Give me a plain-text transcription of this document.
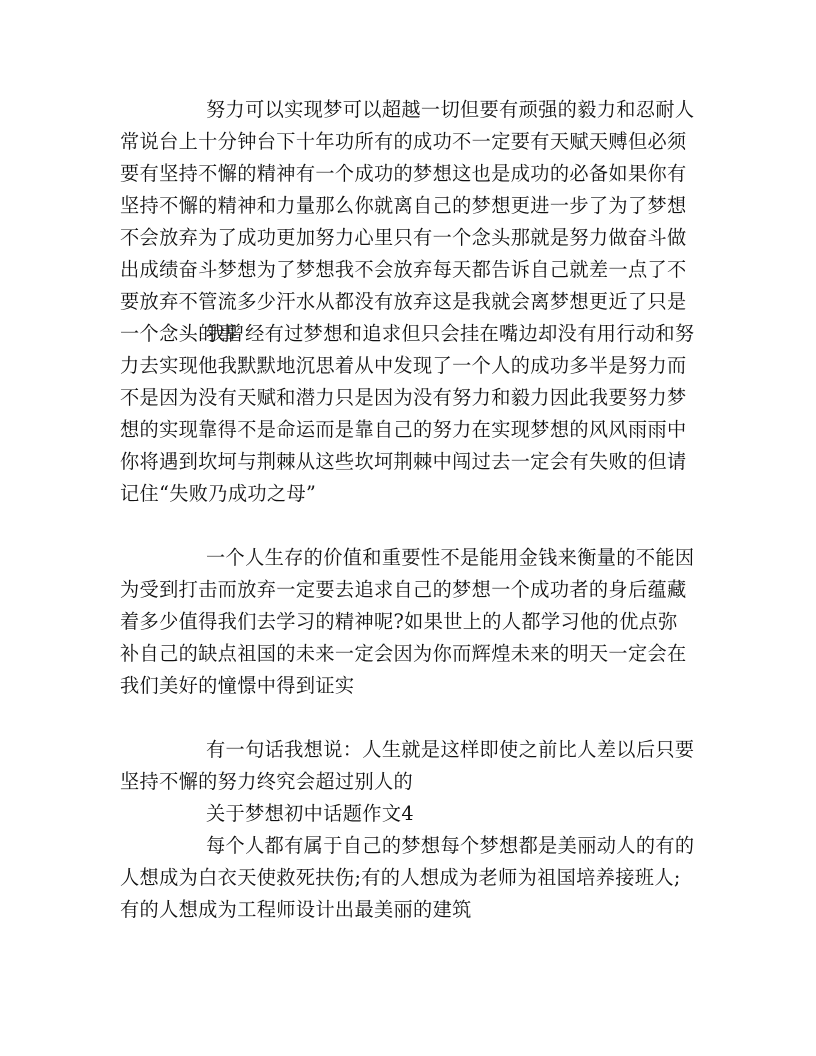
努力可以实现梦可以超越一切但要有顽强的毅力和忍耐人常说台上十分钟台下十年功所有的成功不一定要有天赋天赙但必须要有坚持不懈的精神有一个成功的梦想这也是成功的必备如果你有坚持不懈的精神和力量那么你就离自己的梦想更进一步了为了梦想不会放弃为了成功更加努力心里只有一个念头那就是努力做奋斗做出成绩奋斗梦想为了梦想我不会放弃每天都告诉自己就差一点了不要放弃不管流多少汗水从都没有放弃这是我就会离梦想更近了只是一个念头的事

我曾经有过梦想和追求但只会挂在嘴边却没有用行动和努力去实现他我默默地沉思着从中发现了一个人的成功多半是努力而不是因为没有天赋和潜力只是因为没有努力和毅力因此我要努力梦想的实现靠得不是命运而是靠自己的努力在实现梦想的风风雨雨中你将遇到坎坷与荆棘从这些坎坷荆棘中闯过去一定会有失败的但请记住“失败乃成功之母”

一个人生存的价值和重要性不是能用金钱来衡量的不能因为受到打击而放弃一定要去追求自己的梦想一个成功者的身后蕴藏着多少值得我们去学习的精神呢?如果世上的人都学习他的优点弥补自己的缺点祖国的未来一定会因为你而辉煌未来的明天一定会在我们美好的憧憬中得到证实

有一句话我想说：人生就是这样即使之前比人差以后只要坚持不懈的努力终究会超过别人的

关于梦想初中话题作文4

每个人都有属于自己的梦想每个梦想都是美丽动人的有的人想成为白衣天使救死扶伤;有的人想成为老师为祖国培养接班人;有的人想成为工程师设计出最美丽的建筑
